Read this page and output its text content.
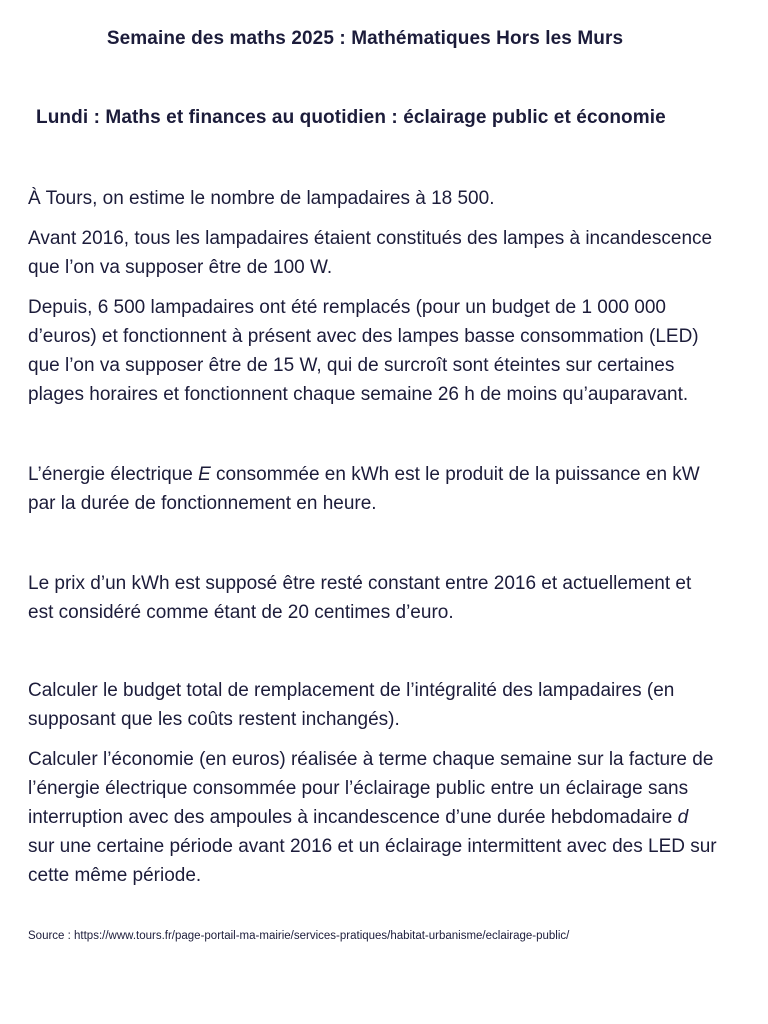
Semaine des maths 2025 : Mathématiques Hors les Murs
Lundi : Maths et finances au quotidien : éclairage public et économie

À Tours, on estime le nombre de lampadaires à 18 500.

Avant 2016, tous les lampadaires étaient constitués des lampes à incandescence que l’on va supposer être de 100 W.

Depuis, 6 500 lampadaires ont été remplacés (pour un budget de 1 000 000 d’euros) et fonctionnent à présent avec des lampes basse consommation (LED) que l’on va supposer être de 15 W, qui de surcroît sont éteintes sur certaines plages horaires et fonctionnent chaque semaine 26 h de moins qu’auparavant.

L’énergie électrique E consommée en kWh est le produit de la puissance en kW par la durée de fonctionnement en heure.

Le prix d’un kWh est supposé être resté constant entre 2016 et actuellement et est considéré comme étant de 20 centimes d’euro.

Calculer le budget total de remplacement de l’intégralité des lampadaires (en supposant que les coûts restent inchangés).

Calculer l’économie (en euros) réalisée à terme chaque semaine sur la facture de l’énergie électrique consommée pour l’éclairage public entre un éclairage sans interruption avec des ampoules à incandescence d’une durée hebdomadaire d sur une certaine période avant 2016 et un éclairage intermittent avec des LED sur cette même période.

Source : https://www.tours.fr/page-portail-ma-mairie/services-pratiques/habitat-urbanisme/eclairage-public/
